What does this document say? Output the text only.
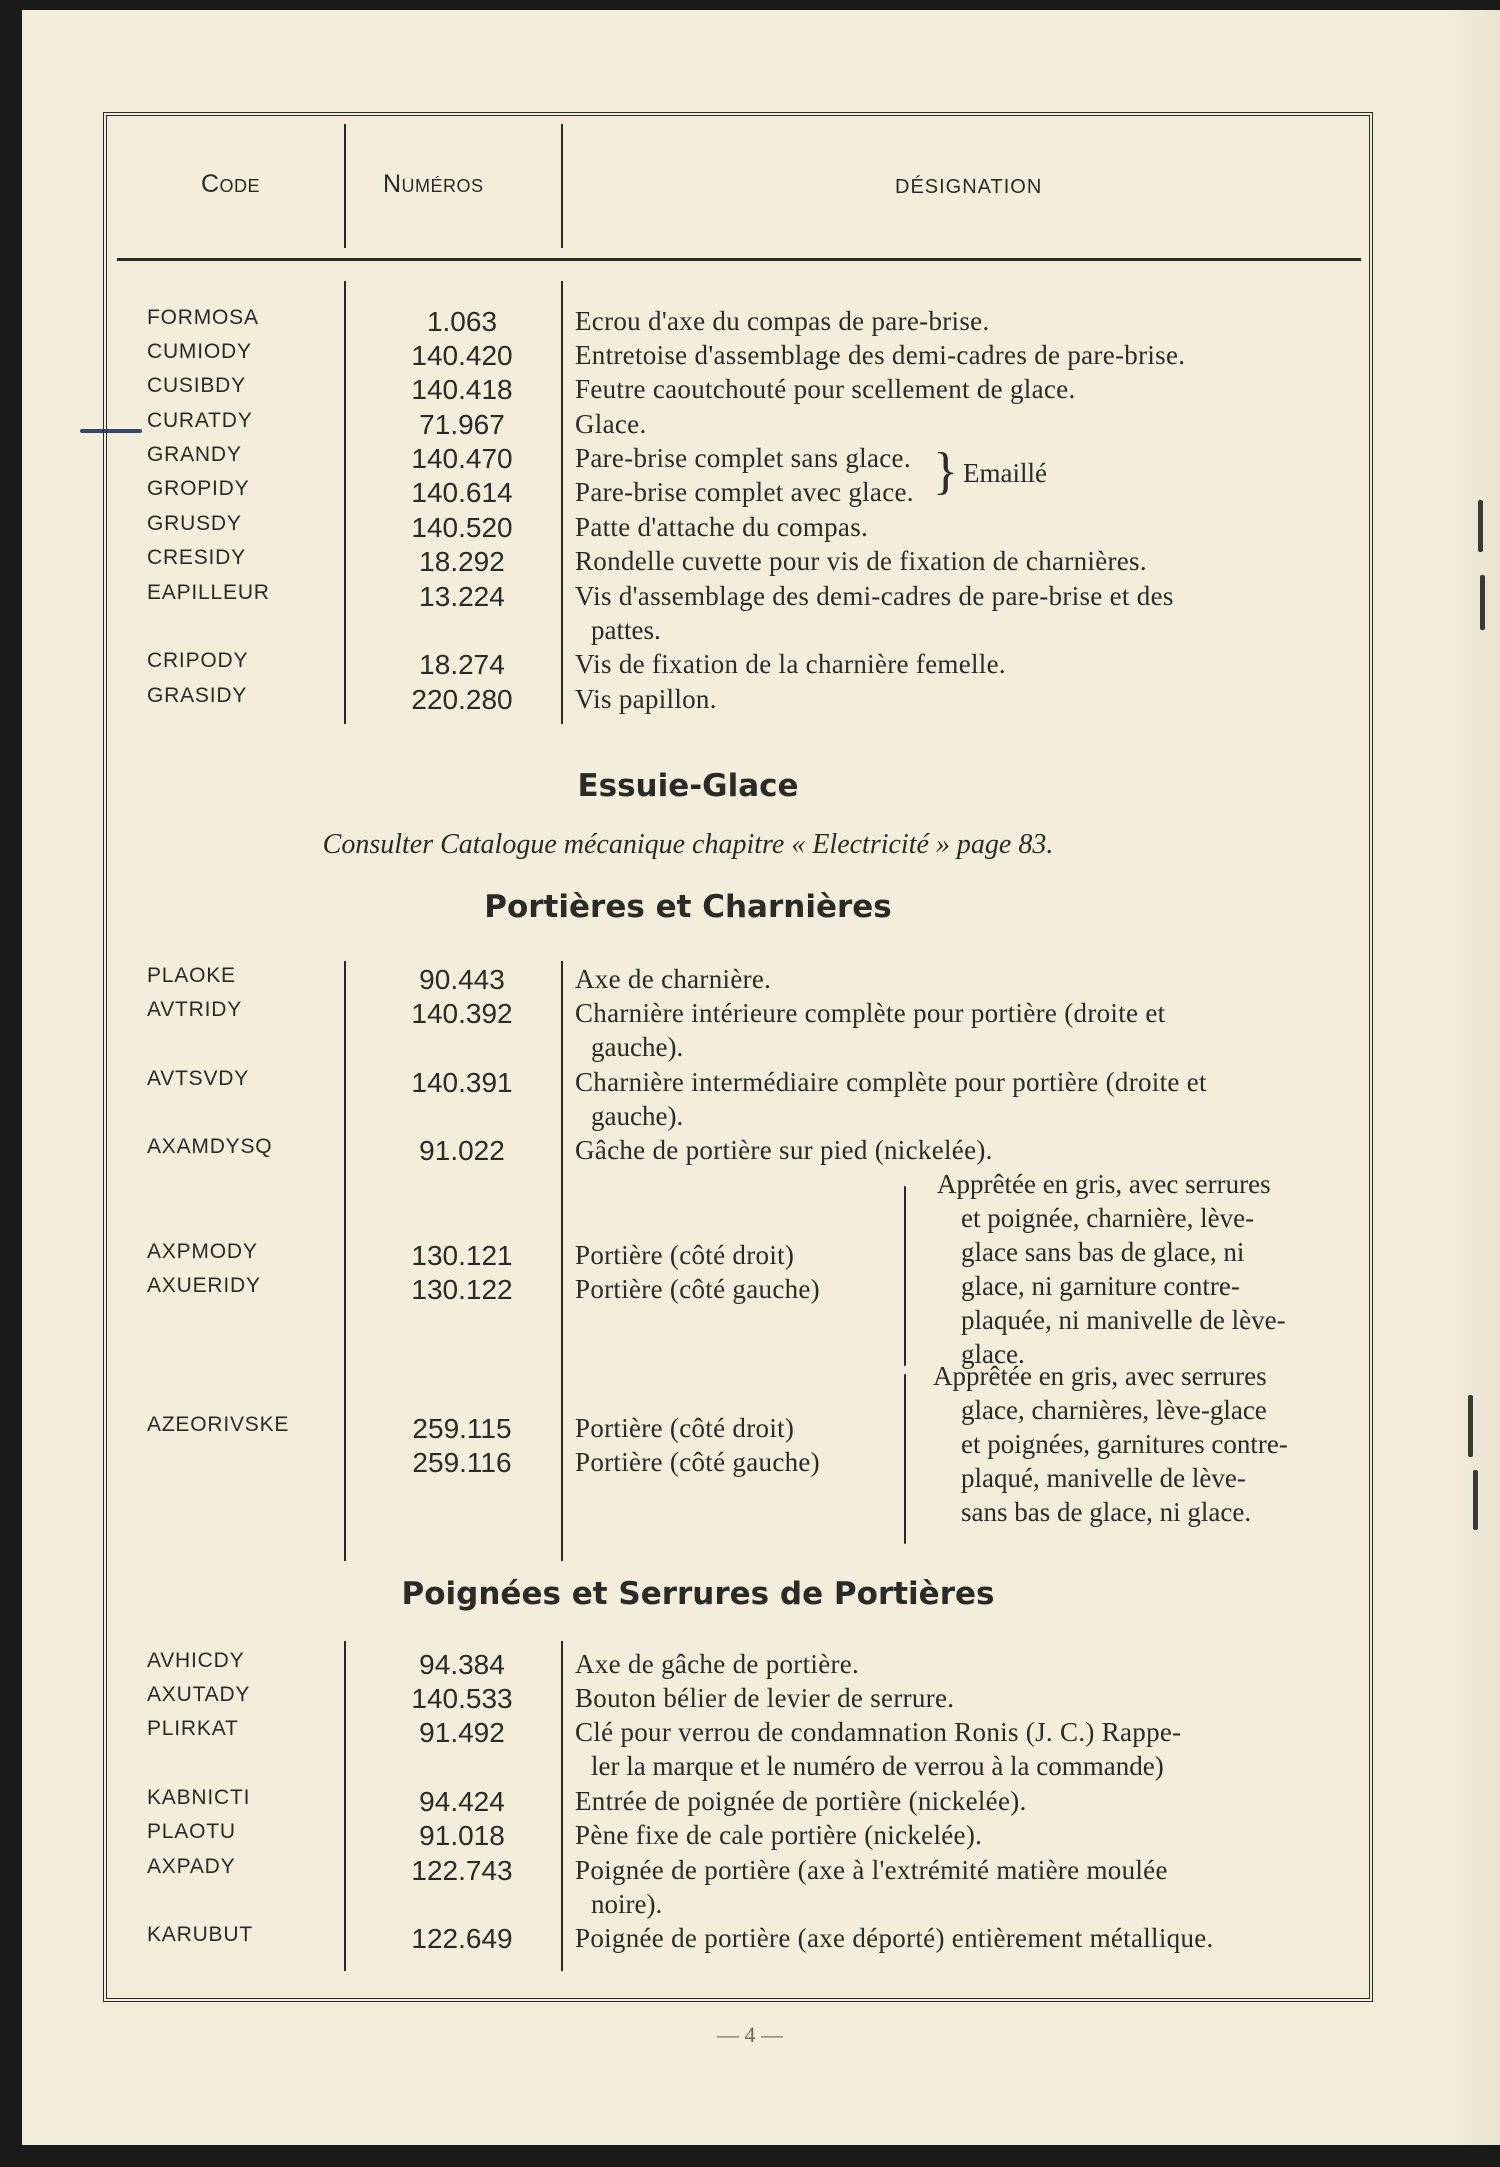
Code	Numéros	DÉSIGNATION
FORMOSA	1.063	Ecrou d'axe du compas de pare-brise.
CUMIODY	140.420	Entretoise d'assemblage des demi-cadres de pare-brise.
CUSIBDY	140.418	Feutre caoutchouté pour scellement de glace.
CURATDY	71.967	Glace.
GRANDY	140.470	Pare-brise complet sans glace.
GROPIDY	140.614	Pare-brise complet avec glace. } Emaillé
GRUSDY	140.520	Patte d'attache du compas.
CRESIDY	18.292	Rondelle cuvette pour vis de fixation de charnières.
EAPILLEUR	13.224	Vis d'assemblage des demi-cadres de pare-brise et des
pattes.
CRIPODY	18.274	Vis de fixation de la charnière femelle.
GRASIDY	220.280	Vis papillon.
Essuie-Glace
Consulter Catalogue mécanique chapitre « Electricité » page 83.
Portières et Charnières
PLAOKE	90.443	Axe de charnière.
AVTRIDY	140.392	Charnière intérieure complète pour portière (droite et
gauche).
AVTSVDY	140.391	Charnière intermédiaire complète pour portière (droite et
gauche).
AXAMDYSQ	91.022	Gâche de portière sur pied (nickelée).
AXPMODY	130.121	Portière (côté droit)
AXUERIDY	130.122	Portière (côté gauche)
Apprêtée en gris, avec serrures
et poignée, charnière, lève-
glace sans bas de glace, ni
glace, ni garniture contre-
plaquée, ni manivelle de lève-
glace.
AZEORIVSKE	259.115	Portière (côté droit)
259.116	Portière (côté gauche)
Apprêtée en gris, avec serrures
glace, charnières, lève-glace
et poignées, garnitures contre-
plaqué, manivelle de lève-
sans bas de glace, ni glace.
Poignées et Serrures de Portières
AVHICDY	94.384	Axe de gâche de portière.
AXUTADY	140.533	Bouton bélier de levier de serrure.
PLIRKAT	91.492	Clé pour verrou de condamnation Ronis (J. C.) Rappe-
ler la marque et le numéro de verrou à la commande)
KABNICTI	94.424	Entrée de poignée de portière (nickelée).
PLAOTU	91.018	Pène fixe de cale portière (nickelée).
AXPADY	122.743	Poignée de portière (axe à l'extrémité matière moulée
noire).
KARUBUT	122.649	Poignée de portière (axe déporté) entièrement métallique.
— 4 —
